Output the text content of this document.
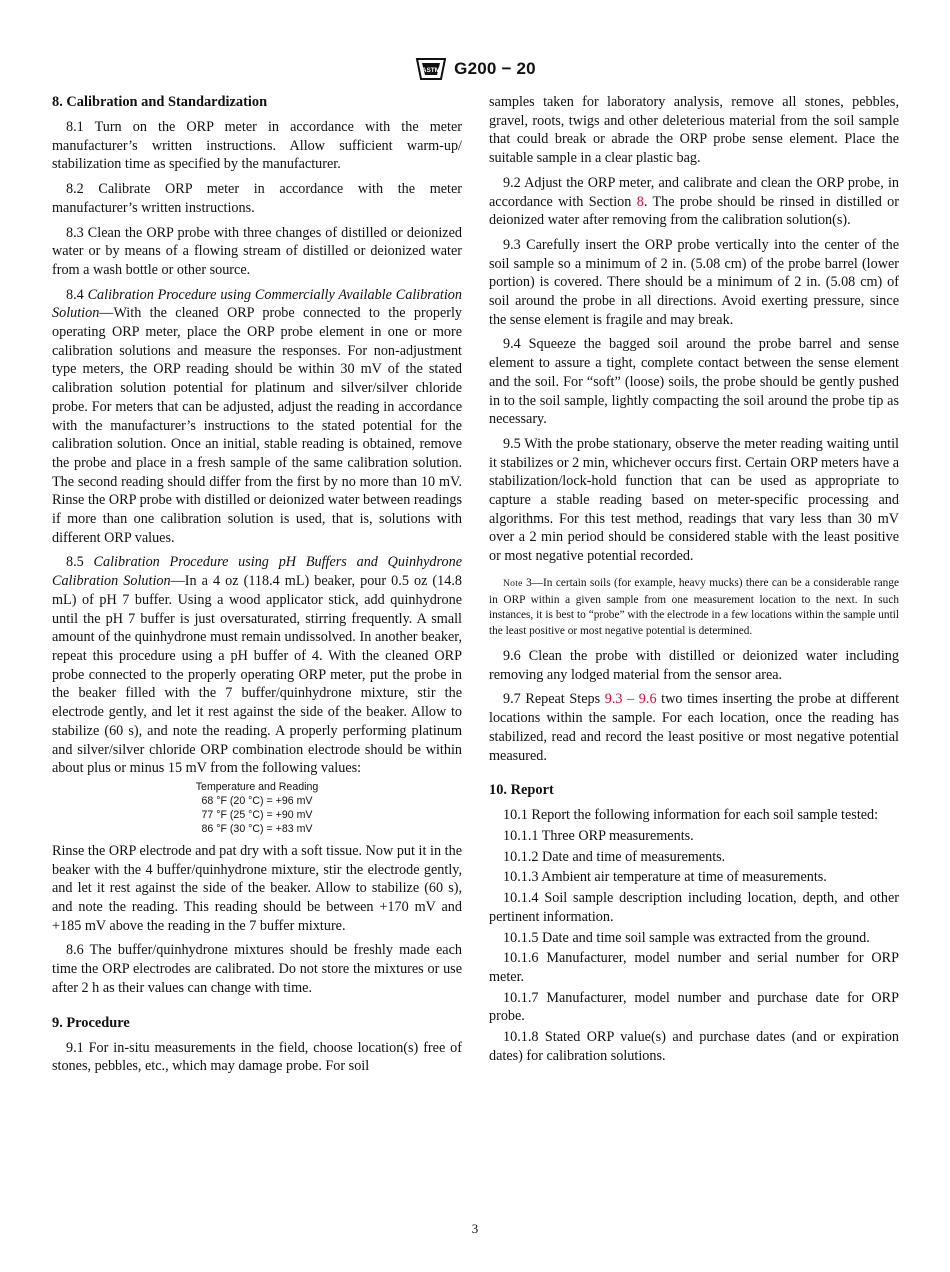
ASTM G200 − 20
8. Calibration and Standardization

8.1 Turn on the ORP meter in accordance with the meter manufacturer’s written instructions. Allow sufficient warm-up/ stabilization time as specified by the manufacturer.

8.2 Calibrate ORP meter in accordance with the meter manufacturer’s written instructions.

8.3 Clean the ORP probe with three changes of distilled or deionized water or by means of a flowing stream of distilled or deionized water from a wash bottle or other source.

8.4 Calibration Procedure using Commercially Available Calibration Solution—With the cleaned ORP probe connected to the properly operating ORP meter, place the ORP probe element in one or more calibration solutions and measure the responses. For non-adjustment type meters, the ORP reading should be within 30 mV of the stated calibration solution potential for platinum and silver/silver chloride probe. For meters that can be adjusted, adjust the reading in accordance with the manufacturer’s instructions to the stated potential for the calibration solution. Once an initial, stable reading is obtained, remove the probe and place in a fresh sample of the same calibration solution. The second reading should differ from the first by no more than 10 mV. Rinse the ORP probe with distilled or deionized water between readings if more than one calibration solution is used, that is, solutions with different ORP values.

8.5 Calibration Procedure using pH Buffers and Quinhydrone Calibration Solution—In a 4 oz (118.4 mL) beaker, pour 0.5 oz (14.8 mL) of pH 7 buffer. Using a wood applicator stick, add quinhydrone until the pH 7 buffer is just oversaturated, stirring frequently. A small amount of the quinhydrone must remain undissolved. In another beaker, repeat this procedure using a pH buffer of 4. With the cleaned ORP probe connected to the properly operating ORP meter, put the probe in the beaker filled with the 7 buffer/quinhydrone mixture, stir the electrode gently, and let it rest against the side of the beaker. Allow to stabilize (60 s), and note the reading. A properly performing platinum and silver/silver chloride ORP combination electrode should be within about plus or minus 15 mV from the following values:

Temperature and Reading
68 °F (20 °C) = +96 mV
77 °F (25 °C) = +90 mV
86 °F (30 °C) = +83 mV

Rinse the ORP electrode and pat dry with a soft tissue. Now put it in the beaker with the 4 buffer/quinhydrone mixture, stir the electrode gently, and let it rest against the side of the beaker. Allow to stabilize (60 s), and note the reading. This reading should be between +170 mV and +185 mV above the reading in the 7 buffer mixture.

8.6 The buffer/quinhydrone mixtures should be freshly made each time the ORP electrodes are calibrated. Do not store the mixtures or use after 2 h as their values can change with time.

9. Procedure

9.1 For in-situ measurements in the field, choose location(s) free of stones, pebbles, etc., which may damage probe. For soil

samples taken for laboratory analysis, remove all stones, pebbles, gravel, roots, twigs and other deleterious material from the soil sample that could break or abrade the ORP probe sense element. Place the suitable sample in a clear plastic bag.

9.2 Adjust the ORP meter, and calibrate and clean the ORP probe, in accordance with Section 8. The probe should be rinsed in distilled or deionized water after removing from the calibration solution(s).

9.3 Carefully insert the ORP probe vertically into the center of the soil sample so a minimum of 2 in. (5.08 cm) of the probe barrel (lower portion) is covered. There should be a minimum of 2 in. (5.08 cm) of soil around the probe in all directions. Avoid exerting pressure, since the sense element is fragile and may break.

9.4 Squeeze the bagged soil around the probe barrel and sense element to assure a tight, complete contact between the sense element and the soil. For “soft” (loose) soils, the probe should be gently pushed in to the soil sample, lightly compacting the soil around the probe tip as necessary.

9.5 With the probe stationary, observe the meter reading waiting until it stabilizes or 2 min, whichever occurs first. Certain ORP meters have a stabilization/lock-hold function that can be used as appropriate to capture a stable reading based on meter-specific processing and algorithms. For this test method, readings that vary less than 30 mV over a 2 min period should be considered stable with the least positive or most negative potential recorded.

Note 3—In certain soils (for example, heavy mucks) there can be a considerable range in ORP within a given sample from one measurement location to the next. In such instances, it is best to “probe” with the electrode in a few locations within the sample until the least positive or most negative potential is determined.

9.6 Clean the probe with distilled or deionized water including removing any lodged material from the sensor area.

9.7 Repeat Steps 9.3 – 9.6 two times inserting the probe at different locations within the sample. For each location, once the reading has stabilized, read and record the least positive or most negative potential measured.

10. Report

10.1 Report the following information for each soil sample tested:

10.1.1 Three ORP measurements.

10.1.2 Date and time of measurements.

10.1.3 Ambient air temperature at time of measurements.

10.1.4 Soil sample description including location, depth, and other pertinent information.

10.1.5 Date and time soil sample was extracted from the ground.

10.1.6 Manufacturer, model number and serial number for ORP meter.

10.1.7 Manufacturer, model number and purchase date for ORP probe.

10.1.8 Stated ORP value(s) and purchase dates (and or expiration dates) for calibration solutions.

3
